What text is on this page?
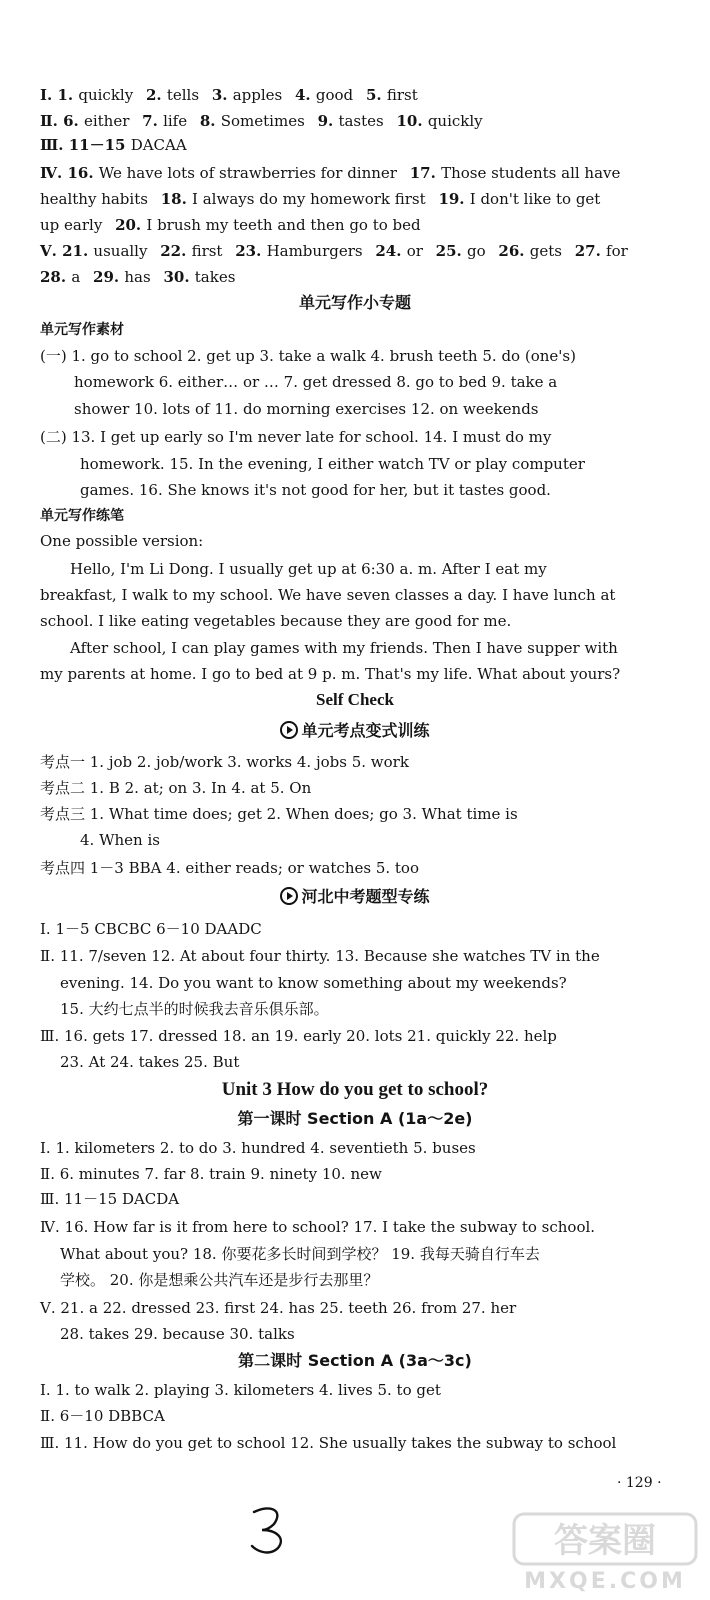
Ⅰ. 1. quickly 2. tells 3. apples 4. good 5. first
Ⅱ. 6. either 7. life 8. Sometimes 9. tastes 10. quickly
Ⅲ. 11－15 DACAA
Ⅳ. 16. We have lots of strawberries for dinner 17. Those students all have
healthy habits 18. I always do my homework first 19. I don't like to get
up early 20. I brush my teeth and then go to bed
Ⅴ. 21. usually 22. first 23. Hamburgers 24. or 25. go 26. gets 27. for
28. a 29. has 30. takes
单元写作小专题
单元写作素材
(一) 1. go to school 2. get up 3. take a walk 4. brush teeth 5. do (one's)
homework 6. either… or … 7. get dressed 8. go to bed 9. take a
shower 10. lots of 11. do morning exercises 12. on weekends
(二) 13. I get up early so I'm never late for school. 14. I must do my
homework. 15. In the evening, I either watch TV or play computer
games. 16. She knows it's not good for her, but it tastes good.
单元写作练笔
One possible version:
Hello, I'm Li Dong. I usually get up at 6:30 a. m. After I eat my
breakfast, I walk to my school. We have seven classes a day. I have lunch at
school. I like eating vegetables because they are good for me.
After school, I can play games with my friends. Then I have supper with
my parents at home. I go to bed at 9 p. m. That's my life. What about yours?
Self Check
单元考点变式训练
考点一 1. job 2. job/work 3. works 4. jobs 5. work
考点二 1. B 2. at; on 3. In 4. at 5. On
考点三 1. What time does; get 2. When does; go 3. What time is
4. When is
考点四 1－3 BBA 4. either reads; or watches 5. too
河北中考题型专练
Ⅰ. 1－5 CBCBC 6－10 DAADC
Ⅱ. 11. 7/seven 12. At about four thirty. 13. Because she watches TV in the
evening. 14. Do you want to know something about my weekends?
15. 大约七点半的时候我去音乐俱乐部。
Ⅲ. 16. gets 17. dressed 18. an 19. early 20. lots 21. quickly 22. help
23. At 24. takes 25. But
Unit 3 How do you get to school?
第一课时 Section A (1a～2e)
Ⅰ. 1. kilometers 2. to do 3. hundred 4. seventieth 5. buses
Ⅱ. 6. minutes 7. far 8. train 9. ninety 10. new
Ⅲ. 11－15 DACDA
Ⅳ. 16. How far is it from here to school? 17. I take the subway to school.
What about you? 18. 你要花多长时间到学校？ 19. 我每天骑自行车去
学校。 20. 你是想乘公共汽车还是步行去那里？
Ⅴ. 21. a 22. dressed 23. first 24. has 25. teeth 26. from 27. her
28. takes 29. because 30. talks
第二课时 Section A (3a～3c)
Ⅰ. 1. to walk 2. playing 3. kilometers 4. lives 5. to get
Ⅱ. 6－10 DBBCA
Ⅲ. 11. How do you get to school 12. She usually takes the subway to school
· 129 ·
答案圈
MXQE.COM
